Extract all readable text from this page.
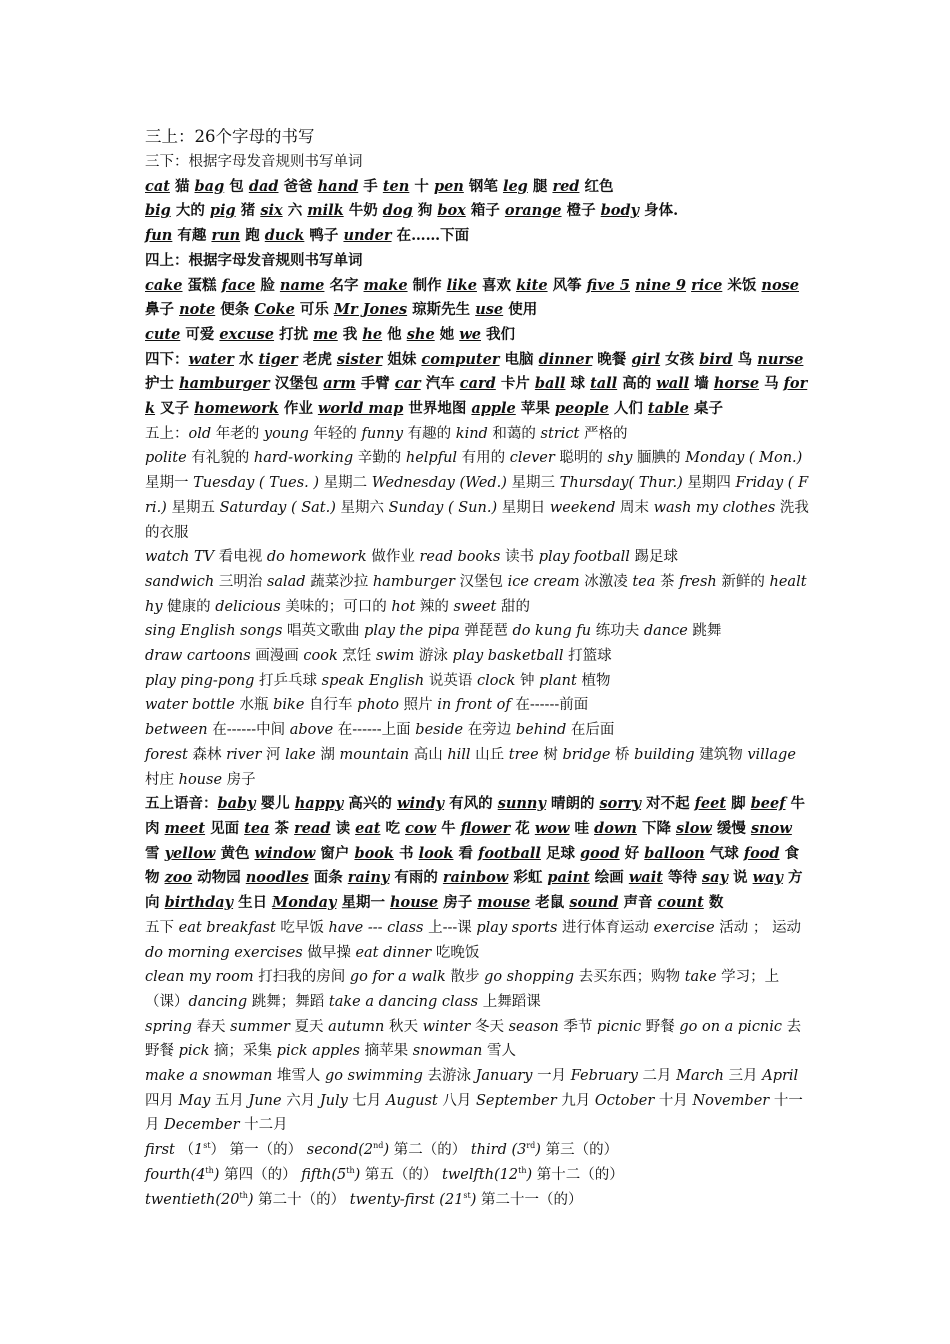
三上：26个字母的书写
三下：根据字母发音规则书写单词
cat 猫 bag 包 dad 爸爸 hand 手 ten 十 pen 钢笔 leg 腿 red 红色
big 大的 pig 猪 six 六 milk 牛奶 dog 狗 box 箱子 orange 橙子 body 身体.
fun 有趣 run 跑 duck 鸭子 under 在……下面
四上：根据字母发音规则书写单词
cake 蛋糕 face 脸 name 名字 make 制作 like 喜欢 kite 风筝 five 5 nine 9 rice 米饭 nose 鼻子 note 便条 Coke 可乐 Mr Jones 琼斯先生 use 使用
cute 可爱 excuse 打扰 me 我 he 他 she 她 we 我们
四下：water 水 tiger 老虎 sister 姐妹 computer 电脑 dinner 晚餐 girl 女孩 bird 鸟 nurse 护士 hamburger 汉堡包 arm 手臂 car 汽车 card 卡片 ball 球 tall 高的 wall 墙 horse 马 fork 叉子 homework 作业 world map 世界地图 apple 苹果 people 人们 table 桌子
五上：old 年老的 young 年轻的 funny 有趣的 kind 和蔼的 strict 严格的
polite 有礼貌的 hard-working 辛勤的 helpful 有用的 clever 聪明的 shy 腼腆的 Monday ( Mon.) 星期一 Tuesday ( Tues. ) 星期二 Wednesday (Wed.) 星期三 Thursday( Thur.) 星期四 Friday ( Fri.) 星期五 Saturday ( Sat.) 星期六 Sunday ( Sun.) 星期日 weekend 周末 wash my clothes 洗我的衣服
watch TV 看电视 do homework 做作业 read books 读书 play football 踢足球
sandwich 三明治 salad 蔬菜沙拉 hamburger 汉堡包 ice cream 冰激凌 tea 茶 fresh 新鲜的 healthy 健康的 delicious 美味的；可口的 hot 辣的 sweet 甜的
sing English songs 唱英文歌曲 play the pipa 弹琵琶 do kung fu 练功夫 dance 跳舞
draw cartoons 画漫画 cook 烹饪 swim 游泳 play basketball 打篮球
play ping-pong 打乒乓球 speak English 说英语 clock 钟 plant 植物
water bottle 水瓶 bike 自行车 photo 照片 in front of 在------前面
between 在------中间 above 在------上面 beside 在旁边 behind 在后面
forest 森林 river 河 lake 湖 mountain 高山 hill 山丘 tree 树 bridge 桥 building 建筑物 village 村庄 house 房子
五上语音：baby 婴儿 happy 高兴的 windy 有风的 sunny 晴朗的 sorry 对不起 feet 脚 beef 牛肉 meet 见面 tea 茶 read 读 eat 吃 cow 牛 flower 花 wow 哇 down 下降 slow 缓慢 snow 雪 yellow 黄色 window 窗户 book 书 look 看 football 足球 good 好 balloon 气球 food 食物 zoo 动物园 noodles 面条 rainy 有雨的 rainbow 彩虹 paint 绘画 wait 等待 say 说 way 方向 birthday 生日 Monday 星期一 house 房子 mouse 老鼠 sound 声音 count 数
五下 eat breakfast 吃早饭 have --- class 上---课 play sports 进行体育运动 exercise 活动 ； 运动 do morning exercises 做早操 eat dinner 吃晚饭
clean my room 打扫我的房间 go for a walk 散步 go shopping 去买东西；购物 take 学习；上（课）dancing 跳舞；舞蹈 take a dancing class 上舞蹈课
spring 春天 summer 夏天 autumn 秋天 winter 冬天 season 季节 picnic 野餐 go on a picnic 去野餐 pick 摘；采集 pick apples 摘苹果 snowman 雪人
make a snowman 堆雪人 go swimming 去游泳 January 一月 February 二月 March 三月 April 四月 May 五月 June 六月 July 七月 August 八月 September 九月 October 十月 November 十一月 December 十二月
first （1st） 第一（的） second(2nd) 第二（的） third (3rd) 第三（的）
fourth(4th) 第四（的） fifth(5th) 第五（的） twelfth(12th) 第十二（的）
twentieth(20th) 第二十（的） twenty-first (21st) 第二十一（的）
